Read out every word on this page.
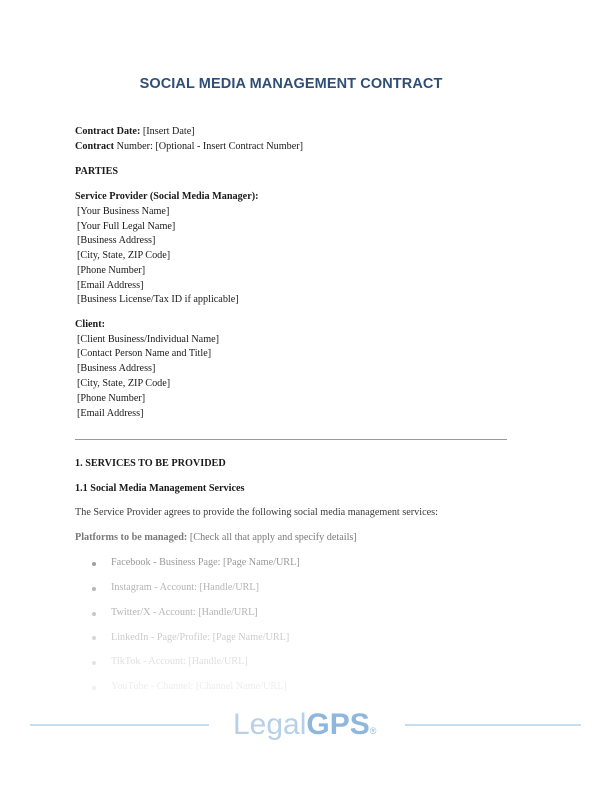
SOCIAL MEDIA MANAGEMENT CONTRACT
Contract Date: [Insert Date]
Contract Number: [Optional - Insert Contract Number]
PARTIES
Service Provider (Social Media Manager):
[Your Business Name]
[Your Full Legal Name]
[Business Address]
[City, State, ZIP Code]
[Phone Number]
[Email Address]
[Business License/Tax ID if applicable]
Client:
[Client Business/Individual Name]
[Contact Person Name and Title]
[Business Address]
[City, State, ZIP Code]
[Phone Number]
[Email Address]
1. SERVICES TO BE PROVIDED
1.1 Social Media Management Services
The Service Provider agrees to provide the following social media management services:
Platforms to be managed: [Check all that apply and specify details]
Facebook - Business Page: [Page Name/URL]
Instagram - Account: [Handle/URL]
Twitter/X - Account: [Handle/URL]
LinkedIn - Page/Profile: [Page Name/URL]
TikTok - Account: [Handle/URL]
YouTube - Channel: [Channel Name/URL]
LegalGPS®
